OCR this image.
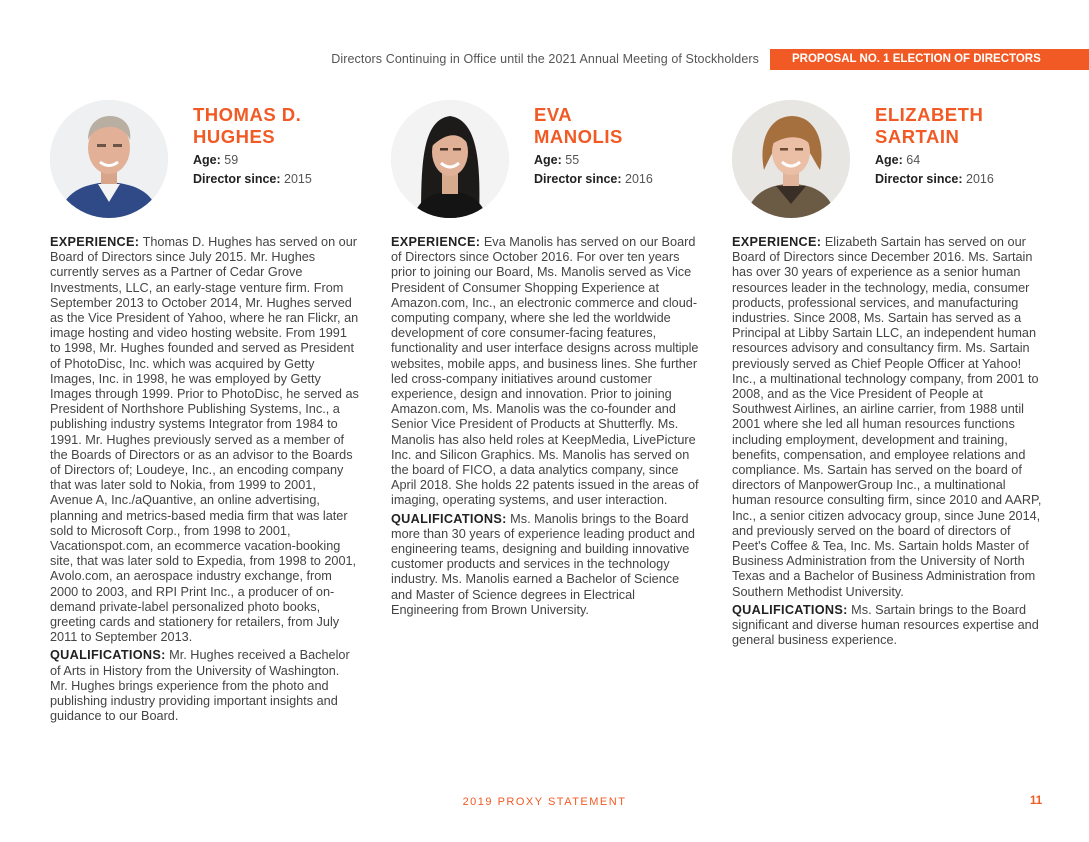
Directors Continuing in Office until the 2021 Annual Meeting of Stockholders	PROPOSAL NO. 1 ELECTION OF DIRECTORS
THOMAS D.
HUGHES
Age: 59
Director since: 2015

EXPERIENCE: Thomas D. Hughes has served on our Board of Directors since July 2015. Mr. Hughes currently serves as a Partner of Cedar Grove Investments, LLC, an early-stage venture firm. From September 2013 to October 2014, Mr. Hughes served as the Vice President of Yahoo, where he ran Flickr, an image hosting and video hosting website. From 1991 to 1998, Mr. Hughes founded and served as President of PhotoDisc, Inc. which was acquired by Getty Images, Inc. in 1998, he was employed by Getty Images through 1999. Prior to PhotoDisc, he served as President of Northshore Publishing Systems, Inc., a publishing industry systems Integrator from 1984 to 1991. Mr. Hughes previously served as a member of the Boards of Directors or as an advisor to the Boards of Directors of; Loudeye, Inc., an encoding company that was later sold to Nokia, from 1999 to 2001, Avenue A, Inc./aQuantive, an online advertising, planning and metrics-based media firm that was later sold to Microsoft Corp., from 1998 to 2001, Vacationspot.com, an ecommerce vacation-booking site, that was later sold to Expedia, from 1998 to 2001, Avolo.com, an aerospace industry exchange, from 2000 to 2003, and RPI Print Inc., a producer of on-demand private-label personalized photo books, greeting cards and stationery for retailers, from July 2011 to September 2013.

QUALIFICATIONS: Mr. Hughes received a Bachelor of Arts in History from the University of Washington. Mr. Hughes brings experience from the photo and publishing industry providing important insights and guidance to our Board.

EVA
MANOLIS
Age: 55
Director since: 2016

EXPERIENCE: Eva Manolis has served on our Board of Directors since October 2016. For over ten years prior to joining our Board, Ms. Manolis served as Vice President of Consumer Shopping Experience at Amazon.com, Inc., an electronic commerce and cloud-computing company, where she led the worldwide development of core consumer-facing features, functionality and user interface designs across multiple websites, mobile apps, and business lines. She further led cross-company initiatives around customer experience, design and innovation. Prior to joining Amazon.com, Ms. Manolis was the co-founder and Senior Vice President of Products at Shutterfly. Ms. Manolis has also held roles at KeepMedia, LivePicture Inc. and Silicon Graphics. Ms. Manolis has served on the board of FICO, a data analytics company, since April 2018. She holds 22 patents issued in the areas of imaging, operating systems, and user interaction.

QUALIFICATIONS: Ms. Manolis brings to the Board more than 30 years of experience leading product and engineering teams, designing and building innovative customer products and services in the technology industry. Ms. Manolis earned a Bachelor of Science and Master of Science degrees in Electrical Engineering from Brown University.

ELIZABETH
SARTAIN
Age: 64
Director since: 2016

EXPERIENCE: Elizabeth Sartain has served on our Board of Directors since December 2016. Ms. Sartain has over 30 years of experience as a senior human resources leader in the technology, media, consumer products, professional services, and manufacturing industries. Since 2008, Ms. Sartain has served as a Principal at Libby Sartain LLC, an independent human resources advisory and consultancy firm. Ms. Sartain previously served as Chief People Officer at Yahoo! Inc., a multinational technology company, from 2001 to 2008, and as the Vice President of People at Southwest Airlines, an airline carrier, from 1988 until 2001 where she led all human resources functions including employment, development and training, benefits, compensation, and employee relations and compliance. Ms. Sartain has served on the board of directors of ManpowerGroup Inc., a multinational human resource consulting firm, since 2010 and AARP, Inc., a senior citizen advocacy group, since June 2014, and previously served on the board of directors of Peet's Coffee & Tea, Inc. Ms. Sartain holds Master of Business Administration from the University of North Texas and a Bachelor of Business Administration from Southern Methodist University.

QUALIFICATIONS: Ms. Sartain brings to the Board significant and diverse human resources expertise and general business experience.

2019 PROXY STATEMENT	11
